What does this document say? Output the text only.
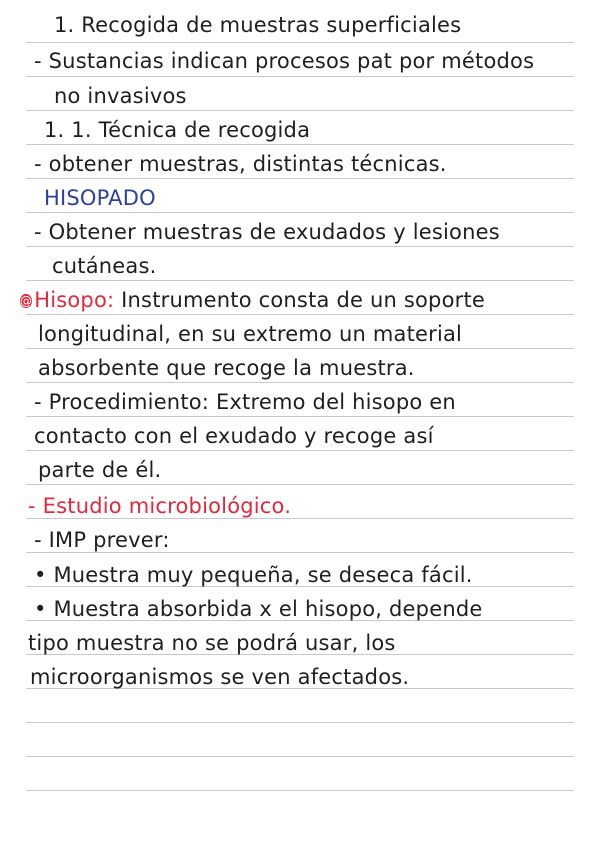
1. Recogida de muestras superficiales
- Sustancias indican procesos pat por métodos
no invasivos
1. 1. Técnica de recogida
- obtener muestras, distintas técnicas.
HISOPADO
- Obtener muestras de exudados y lesiones
cutáneas.
@Hisopo: Instrumento consta de un soporte
longitudinal, en su extremo un material
absorbente que recoge la muestra.
- Procedimiento: Extremo del hisopo en
contacto con el exudado y recoge así
parte de él.
- Estudio microbiológico.
- IMP prever:
• Muestra muy pequeña, se deseca fácil.
• Muestra absorbida x el hisopo, depende
tipo muestra no se podrá usar, los
microorganismos se ven afectados.
